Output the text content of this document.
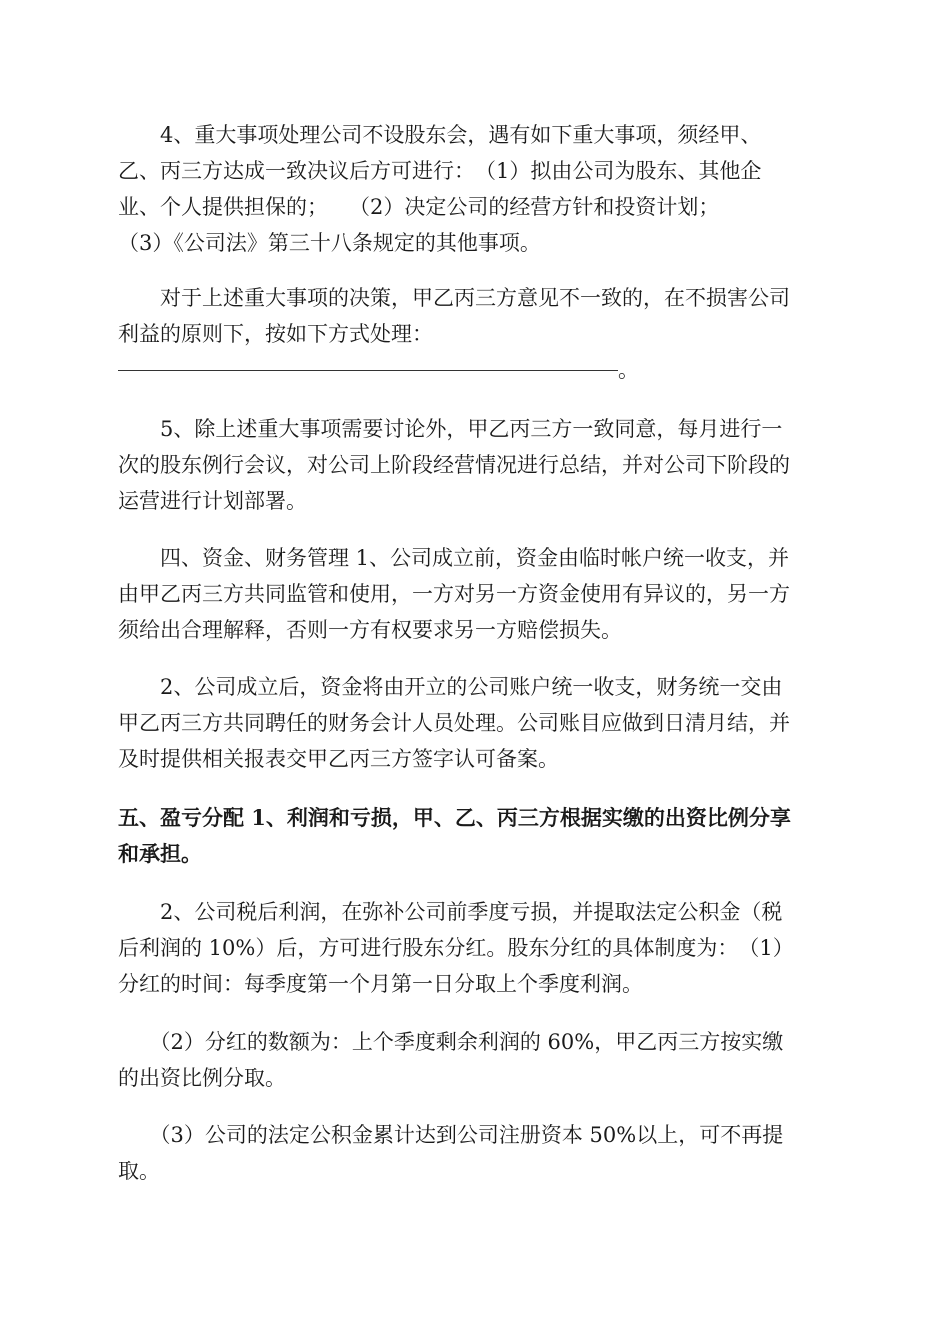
　　4、重大事项处理公司不设股东会，遇有如下重大事项，须经甲、
乙、丙三方达成一致决议后方可进行：　（1）拟由公司为股东、其他企
业、个人提供担保的；　　（2）决定公司的经营方针和投资计划；
（3）《公司法》第三十八条规定的其他事项。
　　对于上述重大事项的决策，甲乙丙三方意见不一致的，在不损害公司
利益的原则下，按如下方式处理：
。
　　5、除上述重大事项需要讨论外，甲乙丙三方一致同意，每月进行一
次的股东例行会议，对公司上阶段经营情况进行总结，并对公司下阶段的
运营进行计划部署。
　　四、资金、财务管理 1、公司成立前，资金由临时帐户统一收支，并
由甲乙丙三方共同监管和使用，一方对另一方资金使用有异议的，另一方
须给出合理解释，否则一方有权要求另一方赔偿损失。
　　2、公司成立后，资金将由开立的公司账户统一收支，财务统一交由
甲乙丙三方共同聘任的财务会计人员处理。公司账目应做到日清月结，并
及时提供相关报表交甲乙丙三方签字认可备案。
五、盈亏分配 1、利润和亏损，甲、乙、丙三方根据实缴的出资比例分享
和承担。
　　2、公司税后利润，在弥补公司前季度亏损，并提取法定公积金（税
后利润的 10%）后，方可进行股东分红。股东分红的具体制度为：　（1）
分红的时间：每季度第一个月第一日分取上个季度利润。
　　（2）分红的数额为：上个季度剩余利润的 60%，甲乙丙三方按实缴
的出资比例分取。
　　（3）公司的法定公积金累计达到公司注册资本 50%以上，可不再提
取。
